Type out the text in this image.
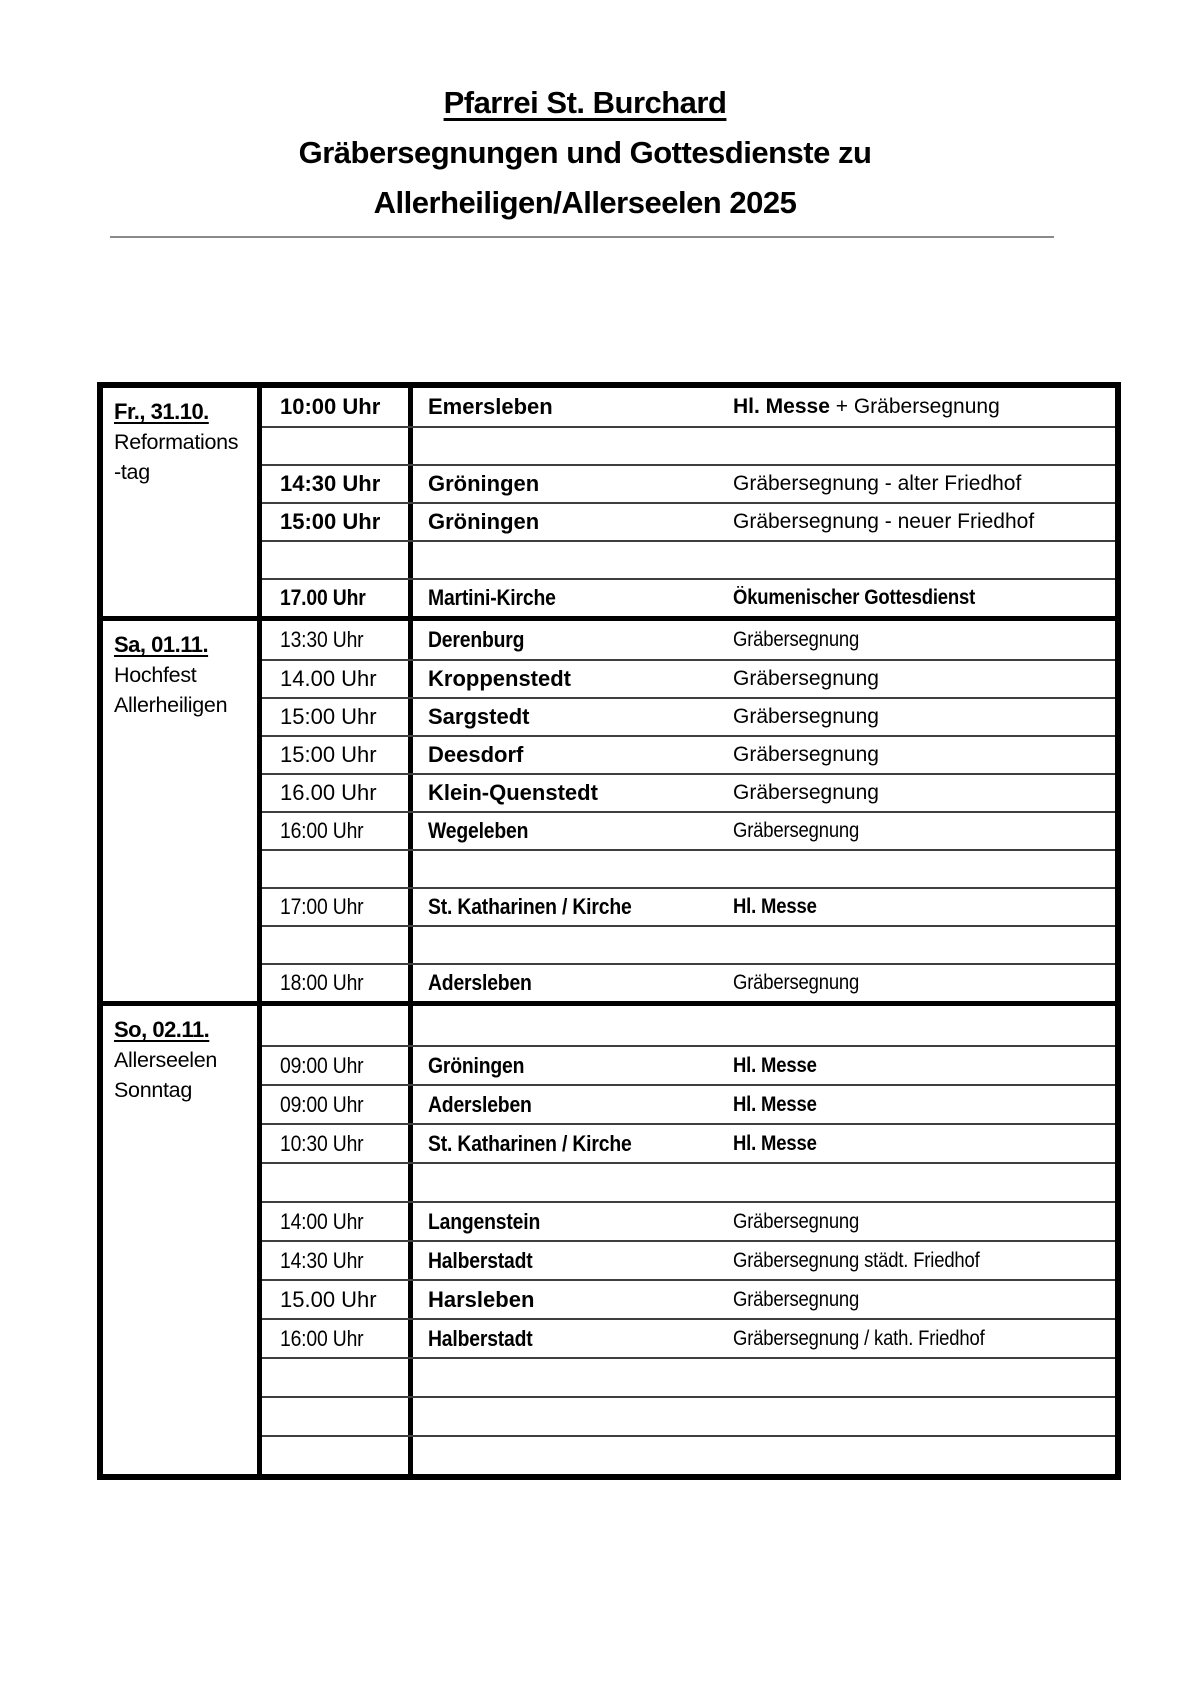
Pfarrei St. Burchard
Gräbersegnungen und Gottesdienste zu
Allerheiligen/Allerseelen 2025
Fr., 31.10.
Reformations
-tag
10:00 Uhr	Emersleben	Hl. Messe + Gräbersegnung
14:30 Uhr	Gröningen	Gräbersegnung - alter Friedhof
15:00 Uhr	Gröningen	Gräbersegnung - neuer Friedhof
17.00 Uhr	Martini-Kirche	Ökumenischer Gottesdienst
Sa, 01.11.
Hochfest
Allerheiligen
13:30 Uhr	Derenburg	Gräbersegnung
14.00 Uhr	Kroppenstedt	Gräbersegnung
15:00 Uhr	Sargstedt	Gräbersegnung
15:00 Uhr	Deesdorf	Gräbersegnung
16.00 Uhr	Klein-Quenstedt	Gräbersegnung
16:00 Uhr	Wegeleben	Gräbersegnung
17:00 Uhr	St. Katharinen / Kirche	Hl. Messe
18:00 Uhr	Adersleben	Gräbersegnung
So, 02.11.
Allerseelen
Sonntag
09:00 Uhr	Gröningen	Hl. Messe
09:00 Uhr	Adersleben	Hl. Messe
10:30 Uhr	St. Katharinen / Kirche	Hl. Messe
14:00 Uhr	Langenstein	Gräbersegnung
14:30 Uhr	Halberstadt	Gräbersegnung städt. Friedhof
15.00 Uhr	Harsleben	Gräbersegnung
16:00 Uhr	Halberstadt	Gräbersegnung / kath. Friedhof
